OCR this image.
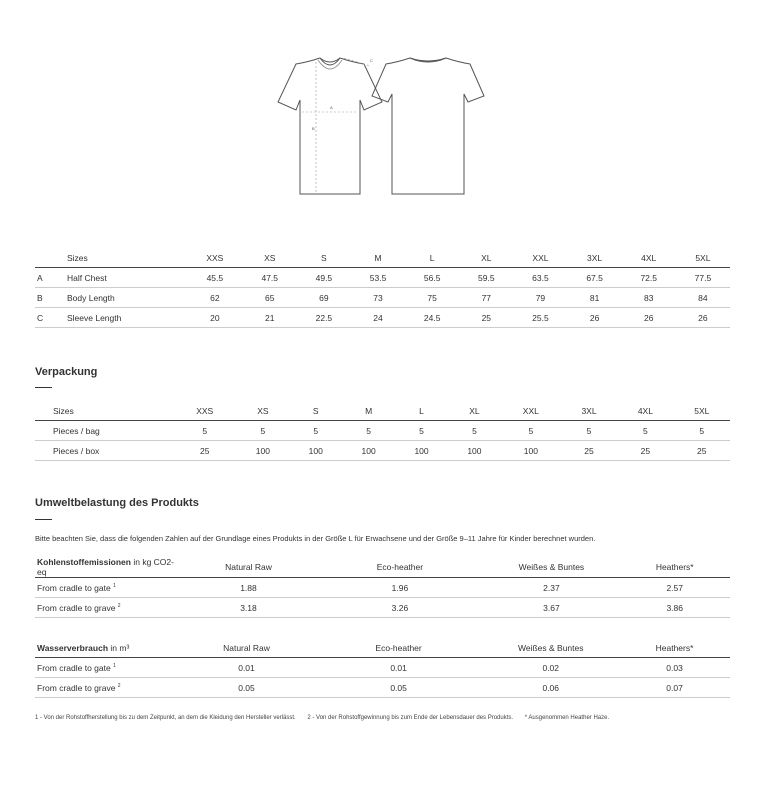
A
B
C
	Sizes	XXS	XS	S	M	L	XL	XXL	3XL	4XL	5XL
A	Half Chest	45.5	47.5	49.5	53.5	56.5	59.5	63.5	67.5	72.5	77.5
B	Body Length	62	65	69	73	75	77	79	81	83	84
C	Sleeve Length	20	21	22.5	24	24.5	25	25.5	26	26	26
Verpackung
Sizes	XXS	XS	S	M	L	XL	XXL	3XL	4XL	5XL
Pieces / bag	5	5	5	5	5	5	5	5	5	5
Pieces / box	25	100	100	100	100	100	100	25	25	25
Umweltbelastung des Produkts
Bitte beachten Sie, dass die folgenden Zahlen auf der Grundlage eines Produkts in der Größe L für Erwachsene und der Größe 9–11 Jahre für Kinder berechnet wurden.
Kohlenstoffemissionen in kg CO2-eq	Natural Raw	Eco-heather	Weißes & Buntes	Heathers*
From cradle to gate $^1$	1.88	1.96	2.37	2.57
From cradle to grave $^2$	3.18	3.26	3.67	3.86
Wasserverbrauch in m³	Natural Raw	Eco-heather	Weißes & Buntes	Heathers*
From cradle to gate $^1$	0.01	0.01	0.02	0.03
From cradle to grave $^2$	0.05	0.05	0.06	0.07
1 - Von der Rohstoffherstellung bis zu dem Zeitpunkt, an dem die Kleidung den Hersteller verlässt. 2 - Von der Rohstoffgewinnung bis zum Ende der Lebensdauer des Produkts. * Ausgenommen Heather Haze.
